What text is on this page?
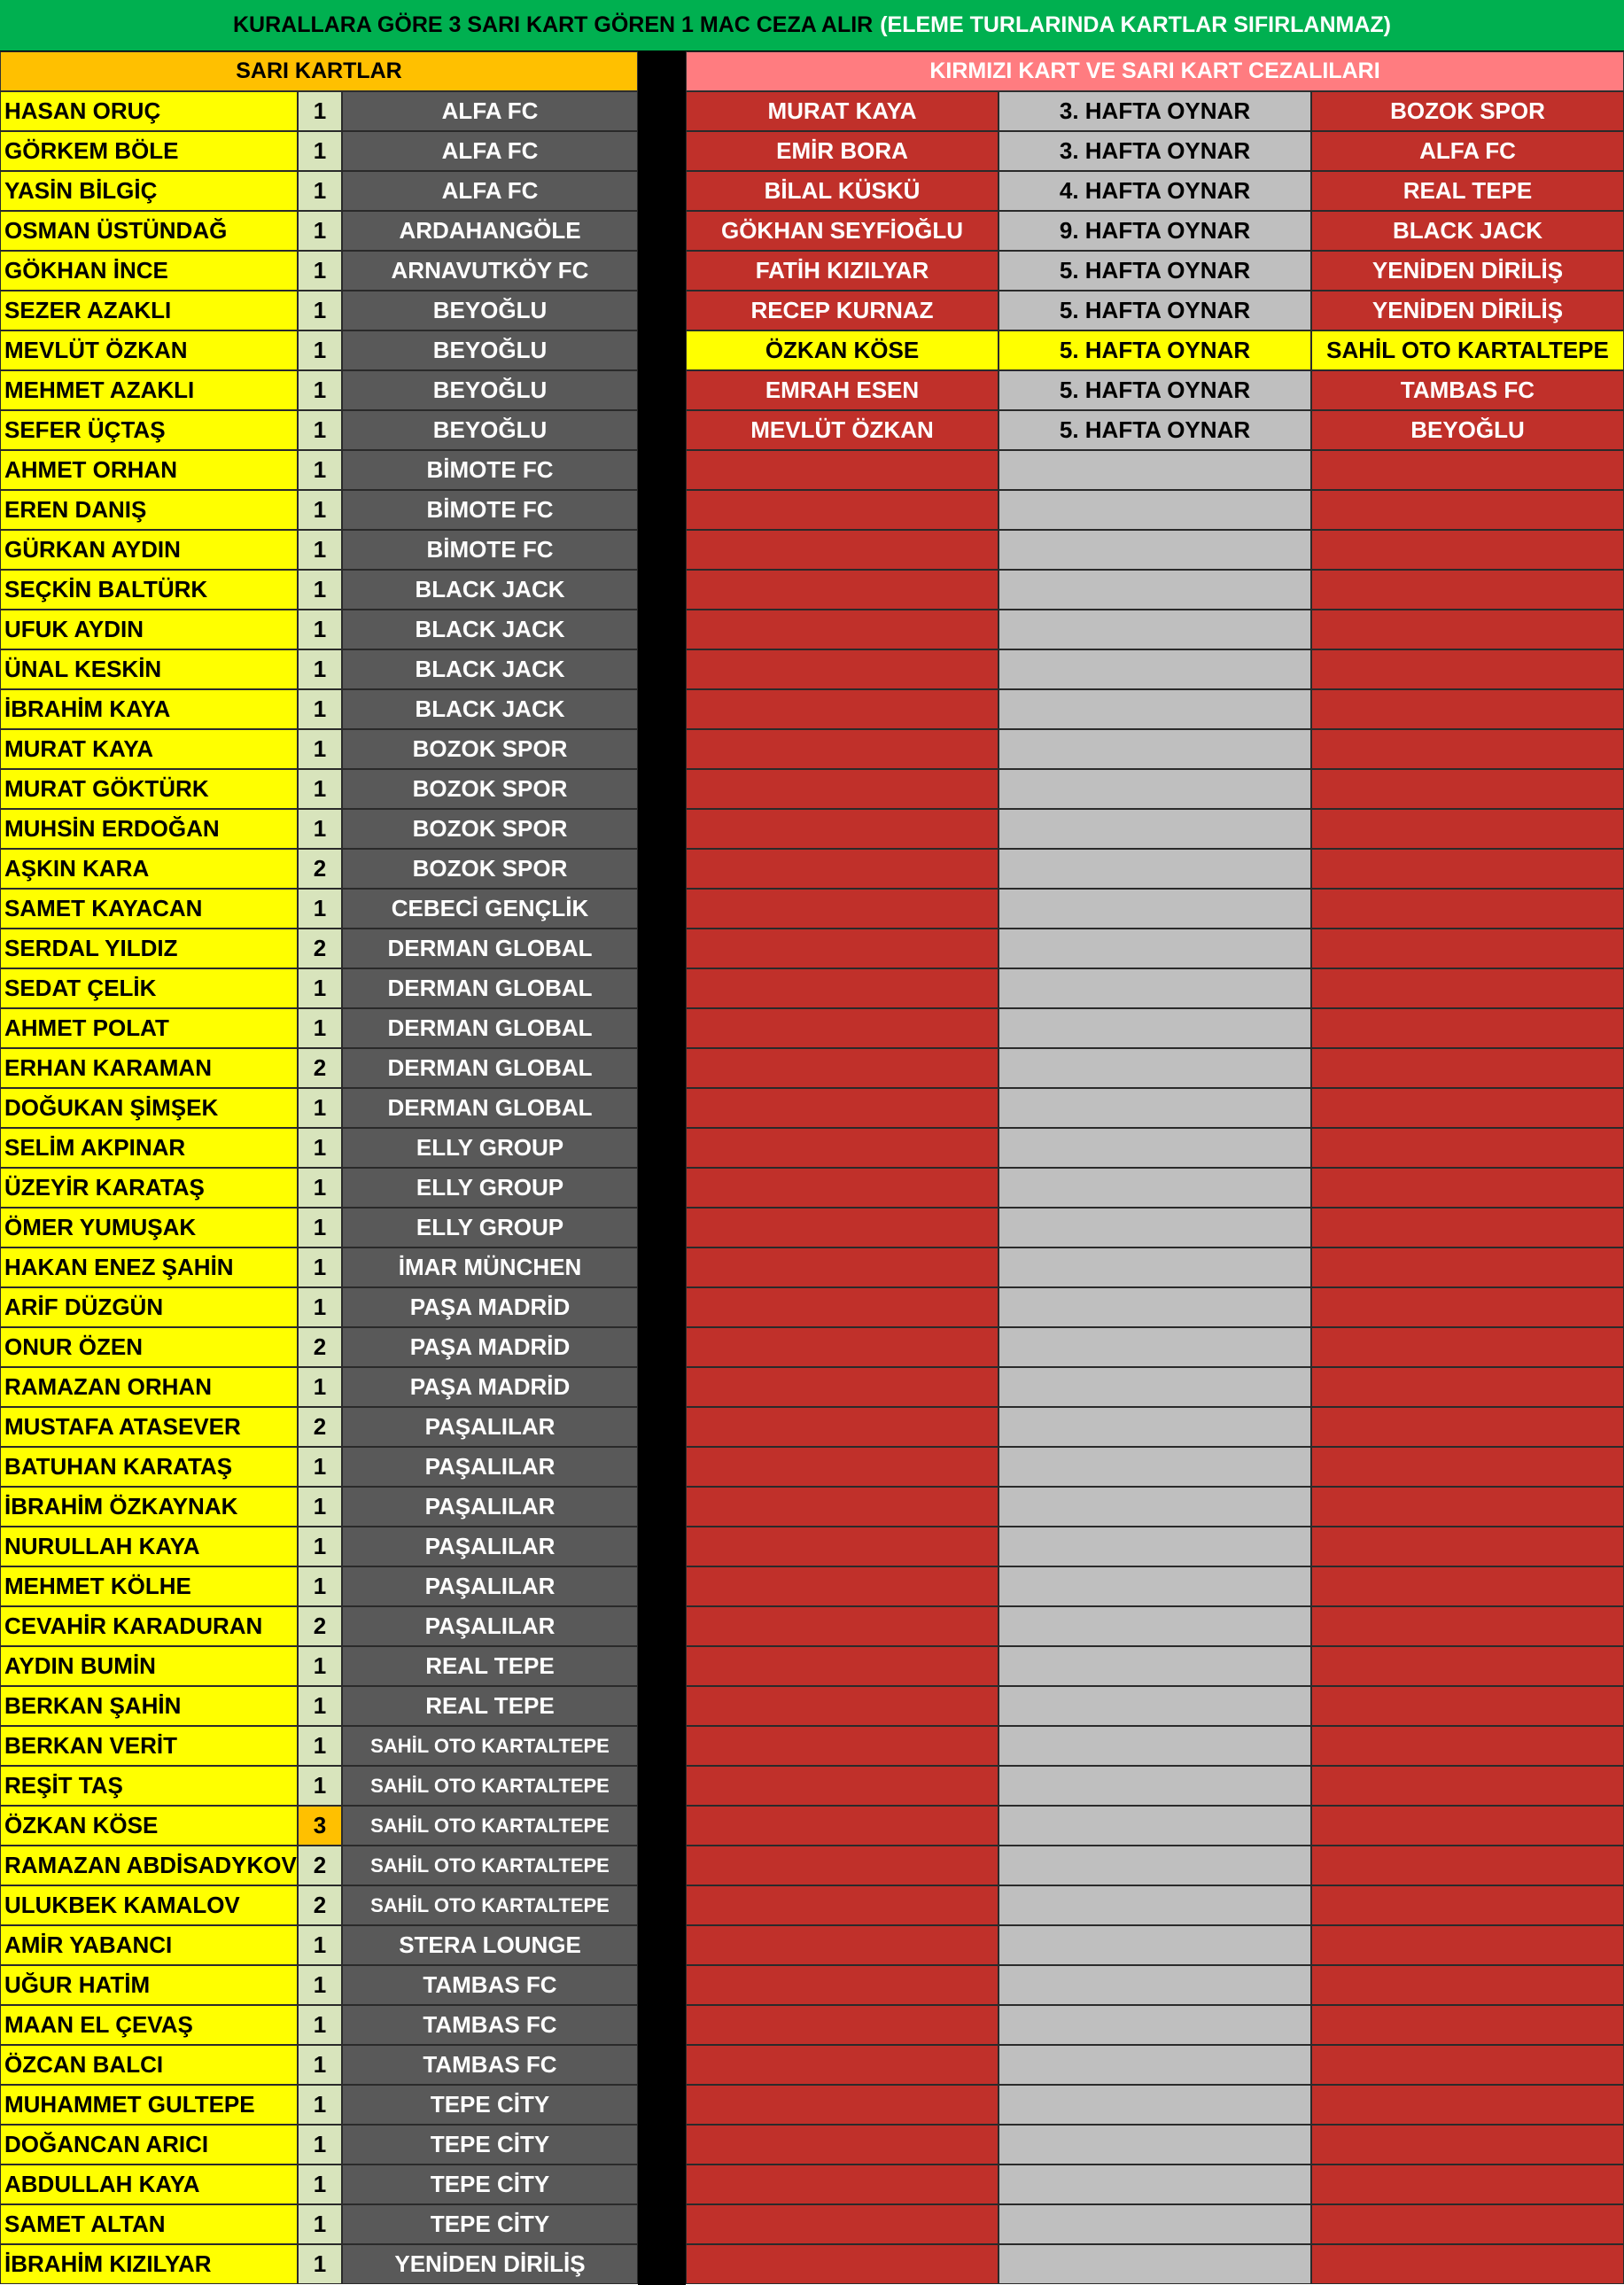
KURALLARA GÖRE 3 SARI KART GÖREN 1 MAC CEZA ALIR (ELEME TURLARINDA KARTLAR SIFIRLANMAZ)
SARI KARTLAR	KIRMIZI KART VE SARI KART CEZALILARI
HASAN ORUÇ	1	ALFA FC
GÖRKEM BÖLE	1	ALFA FC
YASİN BİLGİÇ	1	ALFA FC
OSMAN ÜSTÜNDAĞ	1	ARDAHANGÖLE
GÖKHAN İNCE	1	ARNAVUTKÖY FC
SEZER AZAKLI	1	BEYOĞLU
MEVLÜT ÖZKAN	1	BEYOĞLU
MEHMET AZAKLI	1	BEYOĞLU
SEFER ÜÇTAŞ	1	BEYOĞLU
AHMET ORHAN	1	BİMOTE FC
EREN DANIŞ	1	BİMOTE FC
GÜRKAN AYDIN	1	BİMOTE FC
SEÇKİN BALTÜRK	1	BLACK JACK
UFUK AYDIN	1	BLACK JACK
ÜNAL KESKİN	1	BLACK JACK
İBRAHİM KAYA	1	BLACK JACK
MURAT KAYA	1	BOZOK SPOR
MURAT GÖKTÜRK	1	BOZOK SPOR
MUHSİN ERDOĞAN	1	BOZOK SPOR
AŞKIN KARA	2	BOZOK SPOR
SAMET KAYACAN	1	CEBECİ GENÇLİK
SERDAL YILDIZ	2	DERMAN GLOBAL
SEDAT ÇELİK	1	DERMAN GLOBAL
AHMET POLAT	1	DERMAN GLOBAL
ERHAN KARAMAN	2	DERMAN GLOBAL
DOĞUKAN ŞİMŞEK	1	DERMAN GLOBAL
SELİM AKPINAR	1	ELLY GROUP
ÜZEYİR KARATAŞ	1	ELLY GROUP
ÖMER YUMUŞAK	1	ELLY GROUP
HAKAN ENEZ ŞAHİN	1	İMAR MÜNCHEN
ARİF DÜZGÜN	1	PAŞA MADRİD
ONUR ÖZEN	2	PAŞA MADRİD
RAMAZAN ORHAN	1	PAŞA MADRİD
MUSTAFA ATASEVER	2	PAŞALILAR
BATUHAN KARATAŞ	1	PAŞALILAR
İBRAHİM ÖZKAYNAK	1	PAŞALILAR
NURULLAH KAYA	1	PAŞALILAR
MEHMET KÖLHE	1	PAŞALILAR
CEVAHİR KARADURAN	2	PAŞALILAR
AYDIN BUMİN	1	REAL TEPE
BERKAN ŞAHİN	1	REAL TEPE
BERKAN VERİT	1	SAHİL OTO KARTALTEPE
REŞİT TAŞ	1	SAHİL OTO KARTALTEPE
ÖZKAN KÖSE	3	SAHİL OTO KARTALTEPE
RAMAZAN ABDİSADYKOV 2	SAHİL OTO KARTALTEPE
ULUKBEK KAMALOV	2	SAHİL OTO KARTALTEPE
AMİR YABANCI	1	STERA LOUNGE
UĞUR HATİM	1	TAMBAS FC
MAAN EL ÇEVAŞ	1	TAMBAS FC
ÖZCAN BALCI	1	TAMBAS FC
MUHAMMET GULTEPE	1	TEPE CİTY
DOĞANCAN ARICI	1	TEPE CİTY
ABDULLAH KAYA	1	TEPE CİTY
SAMET ALTAN	1	TEPE CİTY
İBRAHİM KIZILYAR	1	YENİDEN DİRİLİŞ
MURAT KAYA	3. HAFTA OYNAR	BOZOK SPOR
EMİR BORA	3. HAFTA OYNAR	ALFA FC
BİLAL KÜSKÜ	4. HAFTA OYNAR	REAL TEPE
GÖKHAN SEYFİOĞLU	9. HAFTA OYNAR	BLACK JACK
FATİH KIZILYAR	5. HAFTA OYNAR	YENİDEN DİRİLİŞ
RECEP KURNAZ	5. HAFTA OYNAR	YENİDEN DİRİLİŞ
ÖZKAN KÖSE	5. HAFTA OYNAR	SAHİL OTO KARTALTEPE
EMRAH ESEN	5. HAFTA OYNAR	TAMBAS FC
MEVLÜT ÖZKAN	5. HAFTA OYNAR	BEYOĞLU
